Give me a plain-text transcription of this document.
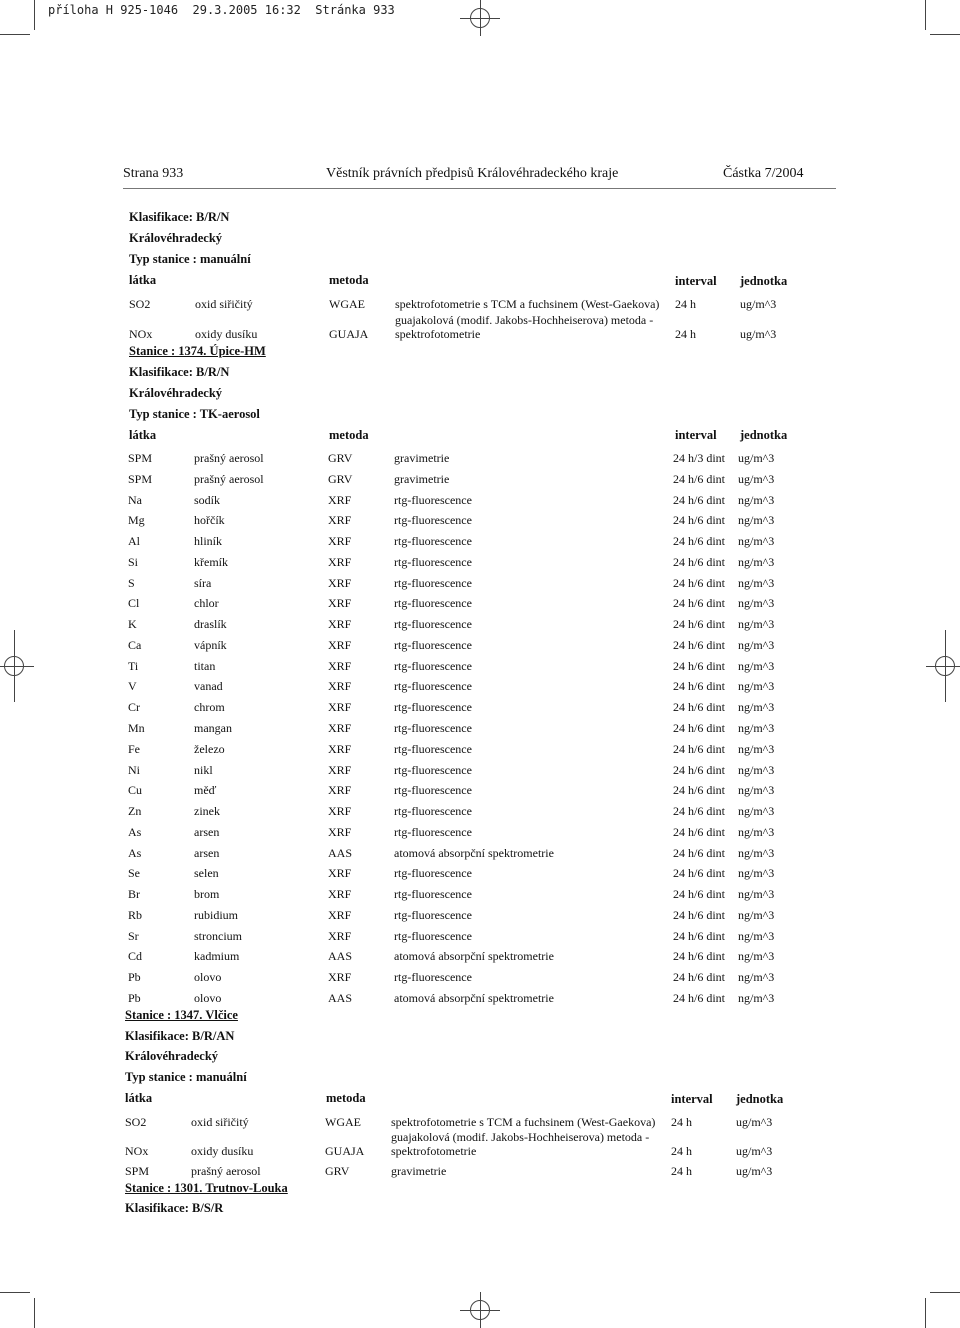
příloha H 925-1046  29.3.2005 16:32  Stránka 933
Strana 933	Věstník právních předpisů Královéhradeckého kraje	Částka 7/2004
Klasifikace: B/R/N
Královéhradecký
Typ stanice : manuální
látka	metoda	interval jednotka
SO2	oxid siřičitý	WGAE	spektrofotometrie s TCM a fuchsinem (West-Gaekova) 24 h	ug/m^3
NOx	oxidy dusíku	GUAJA
guajakolová (modif. Jakobs-Hochheiserova) metoda -
spektrofotometrie	24 h	ug/m^3
Stanice : 1374. Úpice-HM
Klasifikace: B/R/N
Královéhradecký
Typ stanice : TK-aerosol
látka	metoda	interval jednotka
SPM	prašný aerosol	GRV	gravimetrie	24 h/3 dint ug/m^3
SPM	prašný aerosol	GRV	gravimetrie	24 h/6 dint ug/m^3
Na	sodík	XRF	rtg-fluorescence	24 h/6 dint ng/m^3
Mg	hořčík	XRF	rtg-fluorescence	24 h/6 dint ng/m^3
Al	hliník	XRF	rtg-fluorescence	24 h/6 dint ng/m^3
Si	křemík	XRF	rtg-fluorescence	24 h/6 dint ng/m^3
S	síra	XRF	rtg-fluorescence	24 h/6 dint ng/m^3
Cl	chlor	XRF	rtg-fluorescence	24 h/6 dint ng/m^3
K	draslík	XRF	rtg-fluorescence	24 h/6 dint ng/m^3
Ca	vápník	XRF	rtg-fluorescence	24 h/6 dint ng/m^3
Ti	titan	XRF	rtg-fluorescence	24 h/6 dint ng/m^3
V	vanad	XRF	rtg-fluorescence	24 h/6 dint ng/m^3
Cr	chrom	XRF	rtg-fluorescence	24 h/6 dint ng/m^3
Mn	mangan	XRF	rtg-fluorescence	24 h/6 dint ng/m^3
Fe	železo	XRF	rtg-fluorescence	24 h/6 dint ng/m^3
Ni	nikl	XRF	rtg-fluorescence	24 h/6 dint ng/m^3
Cu	měď	XRF	rtg-fluorescence	24 h/6 dint ng/m^3
Zn	zinek	XRF	rtg-fluorescence	24 h/6 dint ng/m^3
As	arsen	XRF	rtg-fluorescence	24 h/6 dint ng/m^3
As	arsen	AAS	atomová absorpční spektrometrie	24 h/6 dint ng/m^3
Se	selen	XRF	rtg-fluorescence	24 h/6 dint ng/m^3
Br	brom	XRF	rtg-fluorescence	24 h/6 dint ng/m^3
Rb	rubidium	XRF	rtg-fluorescence	24 h/6 dint ng/m^3
Sr	stroncium	XRF	rtg-fluorescence	24 h/6 dint ng/m^3
Cd	kadmium	AAS	atomová absorpční spektrometrie	24 h/6 dint ng/m^3
Pb	olovo	XRF	rtg-fluorescence	24 h/6 dint ng/m^3
Pb	olovo	AAS	atomová absorpční spektrometrie	24 h/6 dint ng/m^3
Stanice : 1347. Vlčice
Klasifikace: B/R/AN
Královéhradecký
Typ stanice : manuální
látka	metoda	interval jednotka
SO2	oxid siřičitý	WGAE	spektrofotometrie s TCM a fuchsinem (West-Gaekova) 24 h	ug/m^3
NOx	oxidy dusíku	GUAJA
guajakolová (modif. Jakobs-Hochheiserova) metoda -
spektrofotometrie	24 h	ug/m^3
SPM	prašný aerosol	GRV	gravimetrie	24 h	ug/m^3
Stanice : 1301. Trutnov-Louka
Klasifikace: B/S/R
